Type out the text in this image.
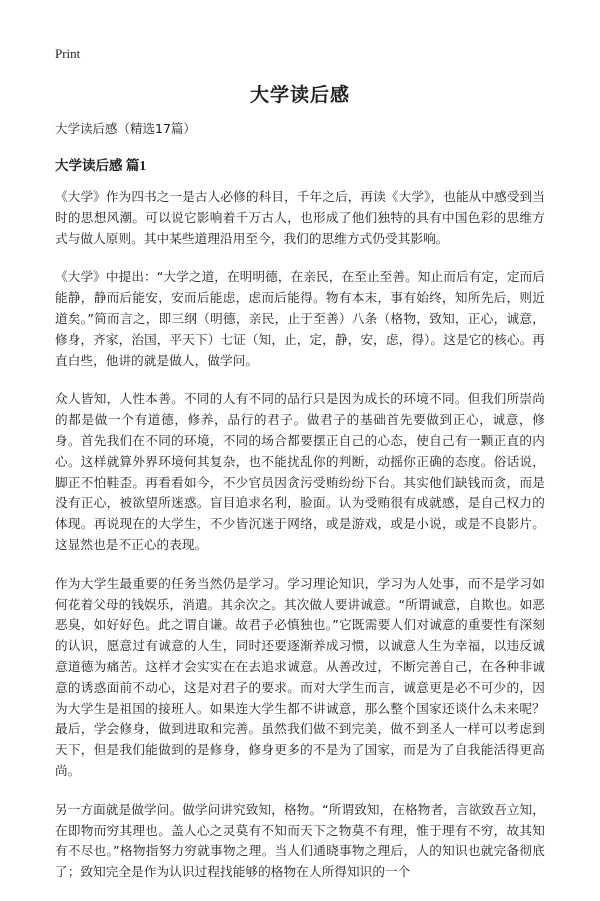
Print
大学读后感
大学读后感（精选17篇）
大学读后感 篇1

《大学》作为四书之一是古人必修的科目，千年之后，再读《大学》，也能从中感受到当时的思想风潮。可以说它影响着千万古人，也形成了他们独特的具有中国色彩的思维方式与做人原则。其中某些道理沿用至今，我们的思维方式仍受其影响。

《大学》中提出：“大学之道，在明明德，在亲民，在至止至善。知止而后有定，定而后能静，静而后能安，安而后能虑，虑而后能得。物有本末，事有始终，知所先后，则近道矣。”简而言之，即三纲（明德，亲民，止于至善）八条（格物，致知，正心，诚意，修身，齐家，治国，平天下）七证（知，止，定，静，安，虑，得）。这是它的核心。再直白些，他讲的就是做人，做学问。

众人皆知，人性本善。不同的人有不同的品行只是因为成长的环境不同。但我们所崇尚的都是做一个有道德，修养，品行的君子。做君子的基础首先要做到正心，诚意，修身。首先我们在不同的环境，不同的场合都要摆正自己的心态，使自己有一颗正直的内心。这样就算外界环境何其复杂，也不能扰乱你的判断，动摇你正确的态度。俗话说，脚正不怕鞋歪。再看看如今，不少官员因贪污受贿纷纷下台。其实他们缺钱而贪，而是没有正心，被欲望所迷惑。盲目追求名利，脸面。认为受贿很有成就感，是自己权力的体现。再说现在的大学生，不少皆沉迷于网络，或是游戏，或是小说，或是不良影片。这显然也是不正心的表现。

作为大学生最重要的任务当然仍是学习。学习理论知识，学习为人处事，而不是学习如何花着父母的钱娱乐，消遣。其余次之。其次做人要讲诚意。“所谓诚意，自欺也。如恶恶臭，如好好色。此之谓自谦。故君子必慎独也。”它既需要人们对诚意的重要性有深刻的认识，愿意过有诚意的人生，同时还要逐渐养成习惯，以诚意人生为幸福，以违反诚意道德为痛苦。这样才会实实在在去追求诚意。从善改过，不断完善自己，在各种非诚意的诱惑面前不动心，这是对君子的要求。而对大学生而言，诚意更是必不可少的，因为大学生是祖国的接班人。如果连大学生都不讲诚意，那么整个国家还谈什么未来呢？最后，学会修身，做到进取和完善。虽然我们做不到完美，做不到圣人一样可以考虑到天下，但是我们能做到的是修身，修身更多的不是为了国家，而是为了自我能活得更高尚。

另一方面就是做学问。做学问讲究致知，格物。“所谓致知，在格物者，言欲致吾立知，在即物而穷其理也。盖人心之灵莫有不知而天下之物莫不有理，惟于理有不穷，故其知有不尽也。”格物指努力穷就事物之理。当人们通晓事物之理后，人的知识也就完备彻底了；致知完全是作为认识过程找能够的格物在人所得知识的一个
